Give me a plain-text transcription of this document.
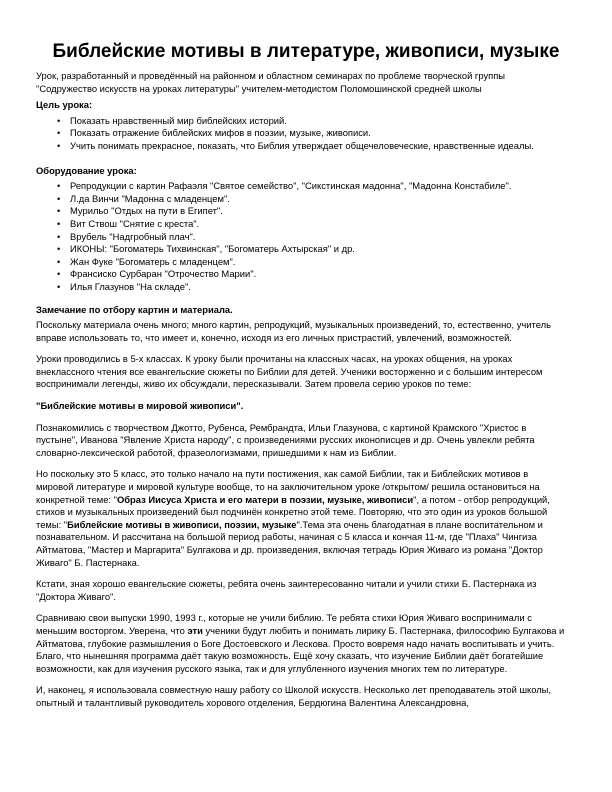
Библейские мотивы в литературе, живописи, музыке

Урок, разработанный и проведённый на районном и областном семинарах по проблеме творческой группы "Содружество искусств на уроках литературы" учителем-методистом Поломошинской средней школы

Цель урока:
• Показать нравственный мир библейских историй.
• Показать отражение библейских мифов в поэзии, музыке, живописи.
• Учить понимать прекрасное, показать, что Библия утверждает общечеловеческие, нравственные идеалы.
Оборудование урока:
• Репродукции с картин Рафаэля "Святое семейство", "Сикстинская мадонна", "Мадонна Констабиле".
• Л.да Винчи "Мадонна с младенцем".
• Мурильо "Отдых на пути в Египет".
• Вит Ствош "Снятие с креста".
• Врубель "Надгробный плач".
• ИКОНЫ: "Богоматерь Тихвинская", "Богоматерь Ахтырская" и др.
• Жан Фуке "Богоматерь с младенцем".
• Франсиско Сурбаран "Отрочество Марии".
• Илья Глазунов "На складе".
Замечание по отбору картин и материала.

Поскольку материала очень много; много картин, репродукций, музыкальных произведений, то, естественно, учитель вправе использовать то, что имеет и, конечно, исходя из его личных пристрастий, увлечений, возможностей.

Уроки проводились в 5-х классах. К уроку были прочитаны на классных часах, на уроках общения, на уроках внеклассного чтения все евангельские сюжеты по Библии для детей. Ученики восторженно и с большим интересом воспринимали легенды, живо их обсуждали, пересказывали. Затем провела серию уроков по теме:

"Библейские мотивы в мировой живописи".

Познакомились с творчеством Джотто, Рубенса, Рембрандта, Ильи Глазунова, с картиной Крамского "Христос в пустыне", Иванова "Явление Христа народу", с произведениями русских иконописцев и др. Очень увлекли ребята словарно-лексической работой, фразеологизмами, пришедшими к нам из Библии.

Но поскольку это 5 класс, это только начало на пути постижения, как самой Библии, так и Библейских мотивов в мировой литературе и мировой культуре вообще, то на заключительном уроке /открытом/ решила остановиться на конкретной теме: "Образ Иисуса Христа и его матери в поэзии, музыке, живописи", а потом - отбор репродукций, стихов и музыкальных произведений был подчинён конкретно этой теме. Повторяю, что это один из уроков большой темы: "Библейские мотивы в живописи, поэзии, музыке".Тема эта очень благодатная в плане воспитательном и познавательном. И рассчитана на большой период работы, начиная с 5 класса и кончая 11-м, где "Плаха" Чингиза Айтматова, "Мастер и Маргарита" Булгакова и др. произведения, включая тетрадь Юрия Живаго из романа "Доктор Живаго" Б. Пастернака.

Кстати, зная хорошо евангельские сюжеты, ребята очень заинтересованно читали и учили стихи Б. Пастернака из "Доктора Живаго".

Сравниваю свои выпуски 1990, 1993 г., которые не учили библию. Те ребята стихи Юрия Живаго воспринимали с меньшим восторгом. Уверена, что эти ученики будут любить и понимать лирику Б. Пастернака, философию Булгакова и Айтматова, глубокие размышления о Боге Достоевского и Лескова. Просто вовремя надо начать воспитывать и учить. Благо, что нынешняя программа даёт такую возможность. Ещё хочу сказать, что изучение Библии даёт богатейшие возможности, как для изучения русского языка, так и для углубленного изучения многих тем по литературе.

И, наконец, я использовала совместную нашу работу со Школой искусств. Несколько лет преподаватель этой школы, опытный и талантливый руководитель хорового отделения, Бердюгина Валентина Александровна,
